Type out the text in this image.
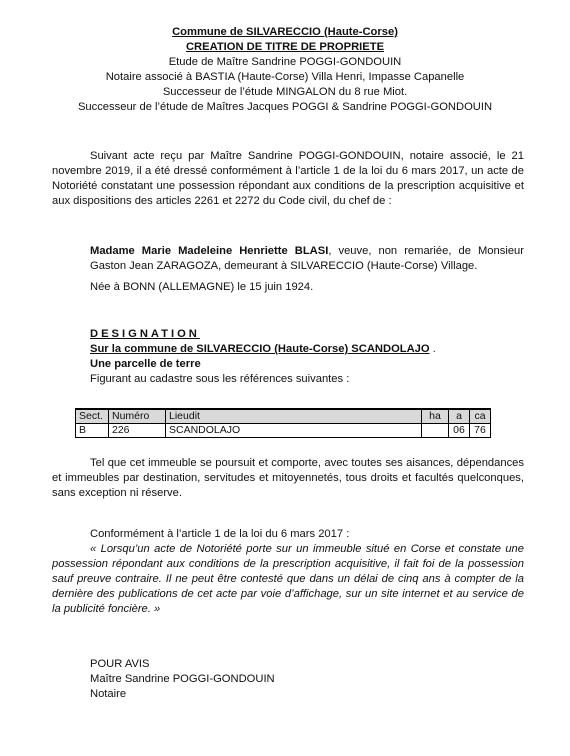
Commune de SILVARECCIO (Haute-Corse)
CREATION DE TITRE DE PROPRIETE
Etude de Maître Sandrine POGGI-GONDOUIN
Notaire associé à BASTIA (Haute-Corse) Villa Henri, Impasse Capanelle
Successeur de l’étude MINGALON du 8 rue Miot.
Successeur de l’étude de Maîtres Jacques POGGI & Sandrine POGGI-GONDOUIN
Suivant acte reçu par Maître Sandrine POGGI-GONDOUIN, notaire associé, le 21 novembre 2019, il a été dressé conformément à l’article 1 de la loi du 6 mars 2017, un acte de Notoriété constatant une possession répondant aux conditions de la prescription acquisitive et aux dispositions des articles 2261 et 2272 du Code civil, du chef de :
Madame Marie Madeleine Henriette BLASI, veuve, non remariée, de Monsieur Gaston Jean ZARAGOZA, demeurant à SILVARECCIO (Haute-Corse) Village.
Née à BONN (ALLEMAGNE) le 15 juin 1924.
DESIGNATION
Sur la commune de SILVARECCIO (Haute-Corse) SCANDOLAJO .
Une parcelle de terre
Figurant au cadastre sous les références suivantes :
Sect.	Numéro	Lieudit	ha	a	ca
B	226	SCANDOLAJO		06	76
Tel que cet immeuble se poursuit et comporte, avec toutes ses aisances, dépendances et immeubles par destination, servitudes et mitoyennetés, tous droits et facultés quelconques, sans exception ni réserve.
Conformément à l’article 1 de la loi du 6 mars 2017 :
« Lorsqu’un acte de Notoriété porte sur un immeuble situé en Corse et constate une possession répondant aux conditions de la prescription acquisitive, il fait foi de la possession sauf preuve contraire. Il ne peut être contesté que dans un délai de cinq ans à compter de la dernière des publications de cet acte par voie d’affichage, sur un site internet et au service de la publicité foncière. »
POUR AVIS
Maître Sandrine POGGI-GONDOUIN
Notaire
